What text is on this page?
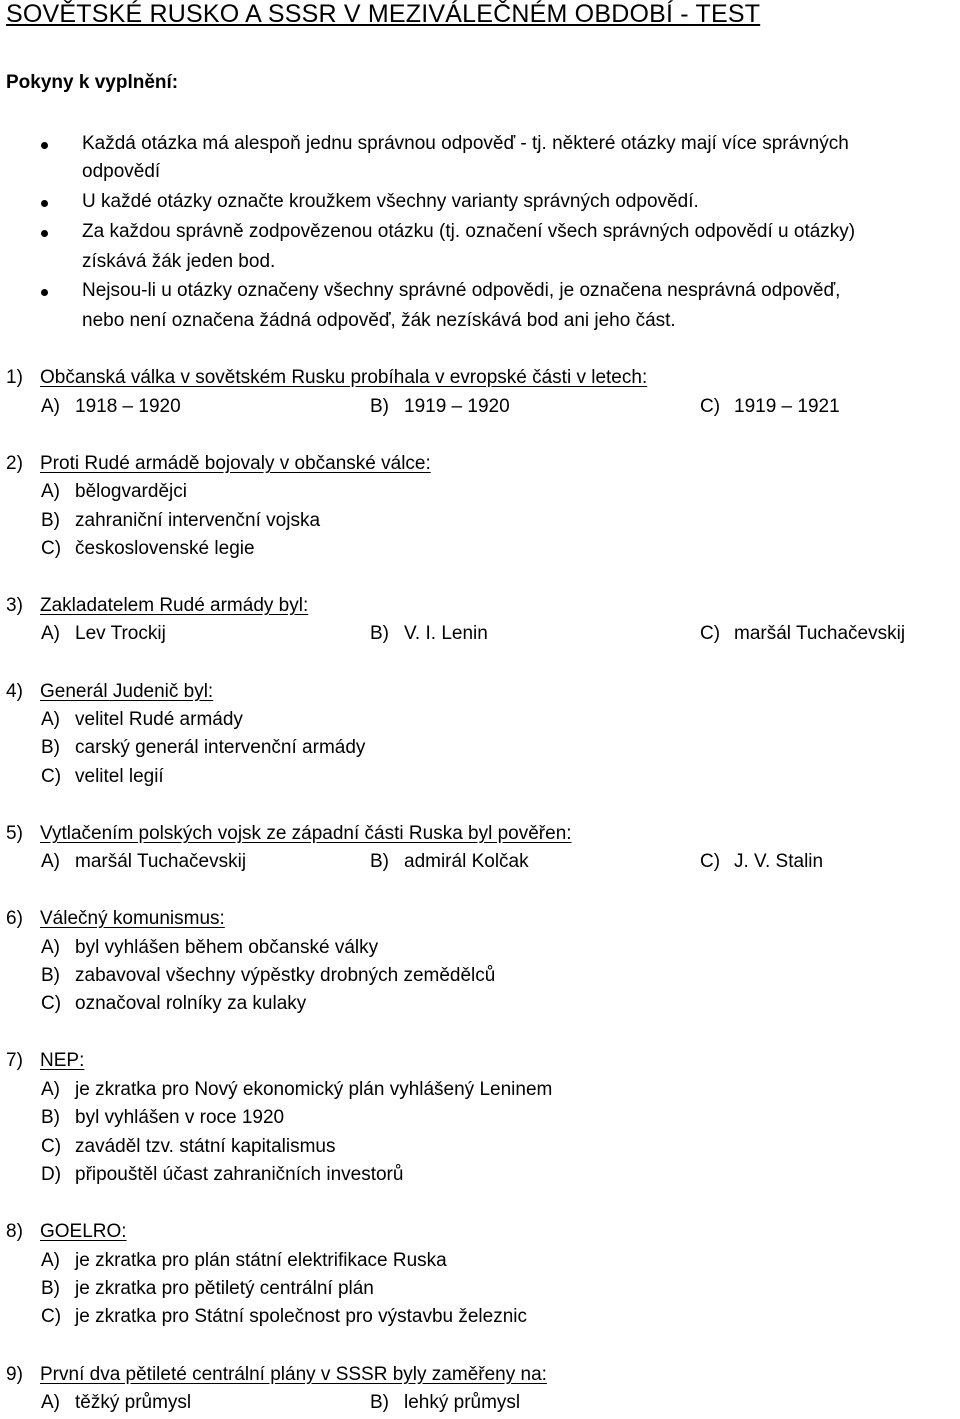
SOVĚTSKÉ RUSKO A SSSR V MEZIVÁLEČNÉM OBDOBÍ - TEST
Pokyny k vyplnění:
Každá otázka má alespoň jednu správnou odpověď - tj. některé otázky mají více správných
odpovědí
U každé otázky označte kroužkem všechny varianty správných odpovědí.
Za každou správně zodpovězenou otázku (tj. označení všech správných odpovědí u otázky)
získává žák jeden bod.
Nejsou-li u otázky označeny všechny správné odpovědi, je označena nesprávná odpověď,
nebo není označena žádná odpověď, žák nezískává bod ani jeho část.
1) Občanská válka v sovětském Rusku probíhala v evropské části v letech:
A) 1918 – 1920	B) 1919 – 1920	C) 1919 – 1921
2) Proti Rudé armádě bojovaly v občanské válce:
A) bělogvardějci
B) zahraniční intervenční vojska
C) československé legie
3) Zakladatelem Rudé armády byl:
A) Lev Trockij	B) V. I. Lenin	C) maršál Tuchačevskij
4) Generál Judenič byl:
A) velitel Rudé armády
B) carský generál intervenční armády
C) velitel legií
5) Vytlačením polských vojsk ze západní části Ruska byl pověřen:
A) maršál Tuchačevskij	B) admirál Kolčak	C) J. V. Stalin
6) Válečný komunismus:
A) byl vyhlášen během občanské války
B) zabavoval všechny výpěstky drobných zemědělců
C) označoval rolníky za kulaky
7) NEP:
A) je zkratka pro Nový ekonomický plán vyhlášený Leninem
B) byl vyhlášen v roce 1920
C) zaváděl tzv. státní kapitalismus
D) připouštěl účast zahraničních investorů
8) GOELRO:
A) je zkratka pro plán státní elektrifikace Ruska
B) je zkratka pro pětiletý centrální plán
C) je zkratka pro Státní společnost pro výstavbu železnic
9) První dva pětileté centrální plány v SSSR byly zaměřeny na:
A) těžký průmysl	B) lehký průmysl
